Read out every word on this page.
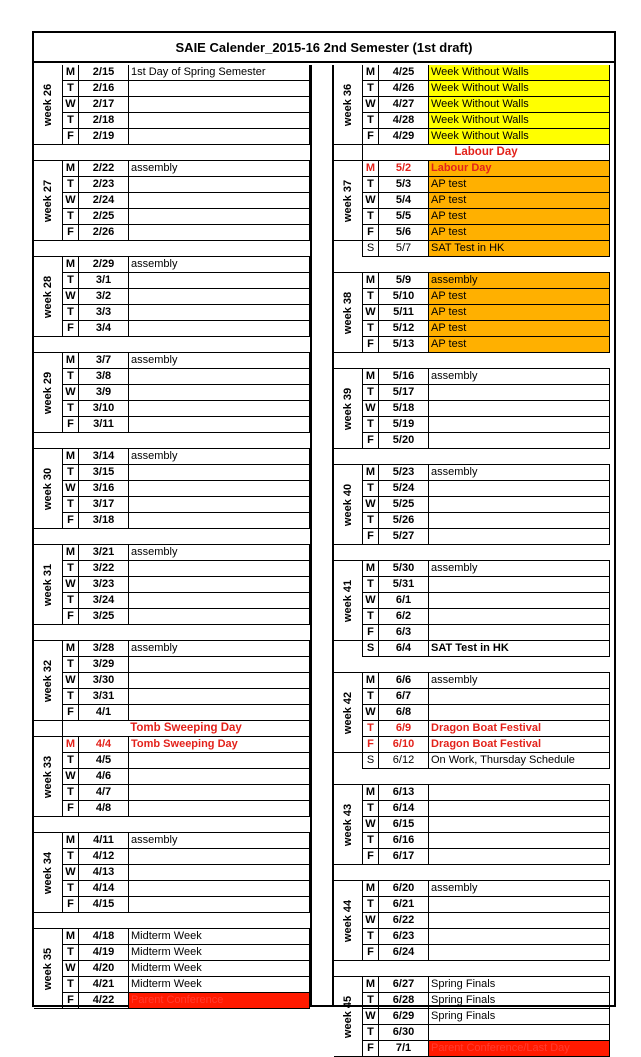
SAIE Calender_2015-16 2nd Semester (1st draft)
week 26
M	2/15	1st Day of Spring Semester
T	2/16
W	2/17
T	2/18
F	2/19
week 27
M	2/22	assembly
T	2/23
W	2/24
T	2/25
F	2/26
week 28
M	2/29	assembly
T	3/1
W	3/2
T	3/3
F	3/4
week 29
M	3/7	assembly
T	3/8
W	3/9
T	3/10
F	3/11
week 30
M	3/14	assembly
T	3/15
W	3/16
T	3/17
F	3/18
week 31
M	3/21	assembly
T	3/22
W	3/23
T	3/24
F	3/25
week 32
M	3/28	assembly
T	3/29
W	3/30
T	3/31
F	4/1
Tomb Sweeping Day
week 33
M	4/4	Tomb Sweeping Day
T	4/5
W	4/6
T	4/7
F	4/8
week 34
M	4/11	assembly
T	4/12
W	4/13
T	4/14
F	4/15
week 35
M	4/18	Midterm Week
T	4/19	Midterm Week
W	4/20	Midterm Week
T	4/21	Midterm Week
F	4/22	Parent Conference
week 36
M	4/25	Week Without Walls
T	4/26	Week Without Walls
W	4/27	Week Without Walls
T	4/28	Week Without Walls
F	4/29	Week Without Walls
Labour Day
week 37
M	5/2	Labour Day
T	5/3	AP test
W	5/4	AP test
T	5/5	AP test
F	5/6	AP test
S	5/7	SAT Test in HK
week 38
M	5/9	assembly
T	5/10	AP test
W	5/11	AP test
T	5/12	AP test
F	5/13	AP test
week 39
M	5/16	assembly
T	5/17
W	5/18
T	5/19
F	5/20
week 40
M	5/23	assembly
T	5/24
W	5/25
T	5/26
F	5/27
week 41
M	5/30	assembly
T	5/31
W	6/1
T	6/2
F	6/3
S	6/4	SAT Test in HK
week 42
M	6/6	assembly
T	6/7
W	6/8
T	6/9	Dragon Boat Festival
F	6/10	Dragon Boat Festival
S	6/12	On Work, Thursday Schedule
week 43
M	6/13
T	6/14
W	6/15
T	6/16
F	6/17
week 44
M	6/20	assembly
T	6/21
W	6/22
T	6/23
F	6/24
week 45
M	6/27	Spring Finals
T	6/28	Spring Finals
W	6/29	Spring Finals
T	6/30
F	7/1	Parent Conference/Last Day
